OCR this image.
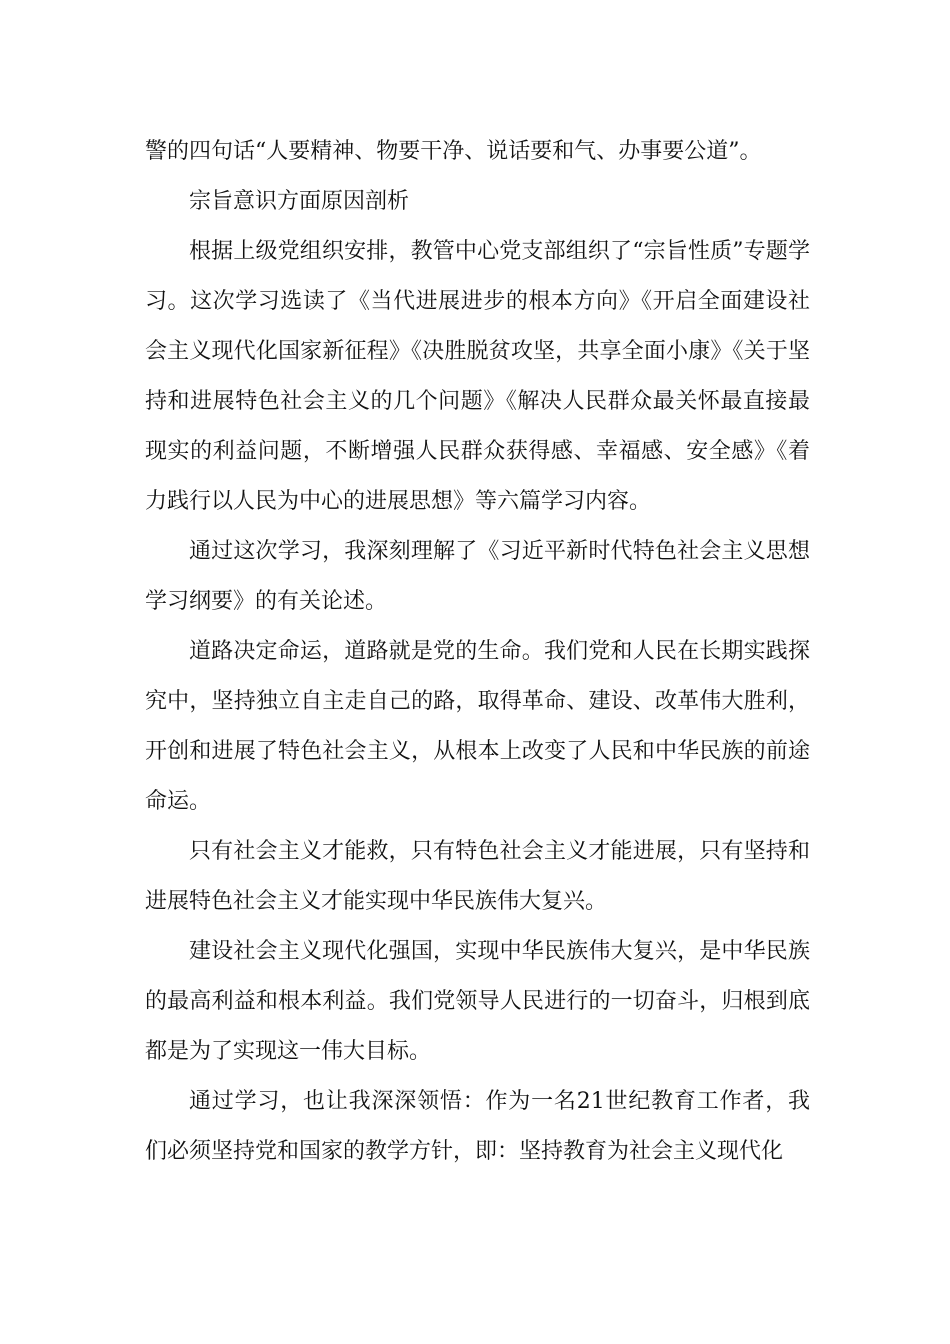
警的四句话“人要精神、物要干净、说话要和气、办事要公道”。

宗旨意识方面原因剖析

根据上级党组织安排，教管中心党支部组织了“宗旨性质”专题学习。这次学习选读了《当代进展进步的根本方向》《开启全面建设社会主义现代化国家新征程》《决胜脱贫攻坚，共享全面小康》《关于坚持和进展特色社会主义的几个问题》《解决人民群众最关怀最直接最现实的利益问题，不断增强人民群众获得感、幸福感、安全感》《着力践行以人民为中心的进展思想》等六篇学习内容。

通过这次学习，我深刻理解了《习近平新时代特色社会主义思想学习纲要》的有关论述。

道路决定命运，道路就是党的生命。我们党和人民在长期实践探究中，坚持独立自主走自己的路，取得革命、建设、改革伟大胜利，开创和进展了特色社会主义，从根本上改变了人民和中华民族的前途命运。

只有社会主义才能救，只有特色社会主义才能进展，只有坚持和进展特色社会主义才能实现中华民族伟大复兴。

建设社会主义现代化强国，实现中华民族伟大复兴，是中华民族的最高利益和根本利益。我们党领导人民进行的一切奋斗，归根到底都是为了实现这一伟大目标。

通过学习，也让我深深领悟：作为一名21世纪教育工作者，我们必须坚持党和国家的教学方针，即：坚持教育为社会主义现代化
